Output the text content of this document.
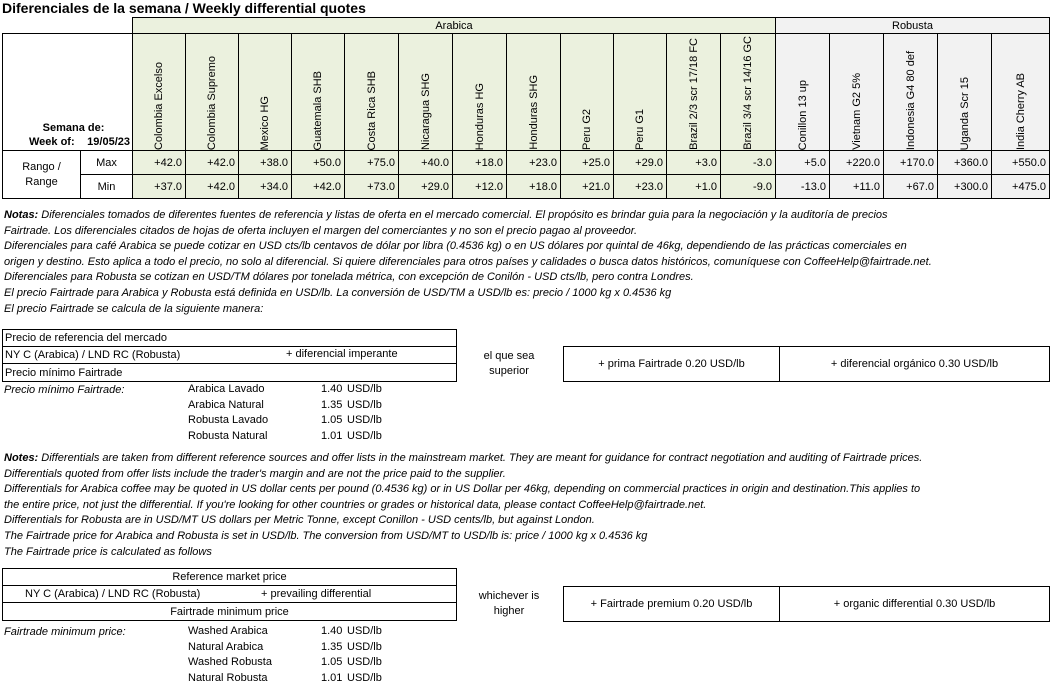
Diferenciales de la semana / Weekly differential quotes
		Arabica												Robusta				

Semana de:
Week of: 19/05/23		Colombia Excelso	Colombia Supremo	Mexico HG	Guatemala SHB	Costa Rica SHB	Nicaragua SHG	Honduras HG	Honduras SHG	Peru G2	Peru G1	Brazil 2/3 scr 17/18 FC	Brazil 3/4 scr 14/16 GC	Conillon 13 up	Vietnam G2 5%	Indonesia G4 80 def	Uganda Scr 15	India Cherry AB

Rango / Range	Max	+42.0	+42.0	+38.0	+50.0	+75.0	+40.0	+18.0	+23.0	+25.0	+29.0	+3.0	-3.0	+5.0	+220.0	+170.0	+360.0	+550.0
	Min	+37.0	+42.0	+34.0	+42.0	+73.0	+29.0	+12.0	+18.0	+21.0	+23.0	+1.0	-9.0	-13.0	+11.0	+67.0	+300.0	+475.0
Notas: Diferenciales tomados de diferentes fuentes de referencia y listas de oferta en el mercado comercial. El propósito es brindar guia para la negociación y la auditoría de precios
Fairtrade. Los diferenciales citados de hojas de oferta incluyen el margen del comerciantes y no son el precio pagao al proveedor.
Diferenciales para café Arabica se puede cotizar en USD cts/lb centavos de dólar por libra (0.4536 kg) o en US dólares por quintal de 46kg, dependiendo de las prácticas comerciales en
origen y destino. Esto aplica a todo el precio, no solo al diferencial. Si quiere diferenciales para otros países y calidades o busca datos históricos, comuníquese con CoffeeHelp@fairtrade.net.
Diferenciales para Robusta se cotizan en USD/TM dólares por tonelada métrica, con excepción de Conilón - USD cts/lb, pero contra Londres.
El precio Fairtrade para Arabica y Robusta está definida en USD/lb. La conversión de USD/TM a USD/lb es: precio / 1000 kg x 0.4536 kg
El precio Fairtrade se calcula de la siguiente manera:
Precio de referencia del mercado
NY C (Arabica) / LND RC (Robusta)	+ diferencial imperante
Precio mínimo Fairtrade
el que sea superior
+ prima Fairtrade 0.20 USD/lb	+ diferencial orgánico 0.30 USD/lb
Precio mínimo Fairtrade:	Arabica Lavado	1.40 USD/lb
Arabica Natural	1.35 USD/lb
Robusta Lavado	1.05 USD/lb
Robusta Natural	1.01 USD/lb
Notes: Differentials are taken from different reference sources and offer lists in the mainstream market. They are meant for guidance for contract negotiation and auditing of Fairtrade prices.
Differentials quoted from offer lists include the trader's margin and are not the price paid to the supplier.
Differentials for Arabica coffee may be quoted in US dollar cents per pound (0.4536 kg) or in US Dollar per 46kg, depending on commercial practices in origin and destination.This applies to
the entire price, not just the differential. If you're looking for other countries or grades or historical data, please contact CoffeeHelp@fairtrade.net.
Differentials for Robusta are in USD/MT US dollars per Metric Tonne, except Conillon - USD cents/lb, but against London.
The Fairtrade price for Arabica and Robusta is set in USD/lb. The conversion from USD/MT to USD/lb is: price / 1000 kg x 0.4536 kg
The Fairtrade price is calculated as follows
Reference market price
NY C (Arabica) / LND RC (Robusta)	+ prevailing differential
Fairtrade minimum price
whichever is higher
+ Fairtrade premium 0.20 USD/lb	+ organic differential 0.30 USD/lb
Fairtrade minimum price:	Washed Arabica	1.40 USD/lb
Natural Arabica	1.35 USD/lb
Washed Robusta	1.05 USD/lb
Natural Robusta	1.01 USD/lb
